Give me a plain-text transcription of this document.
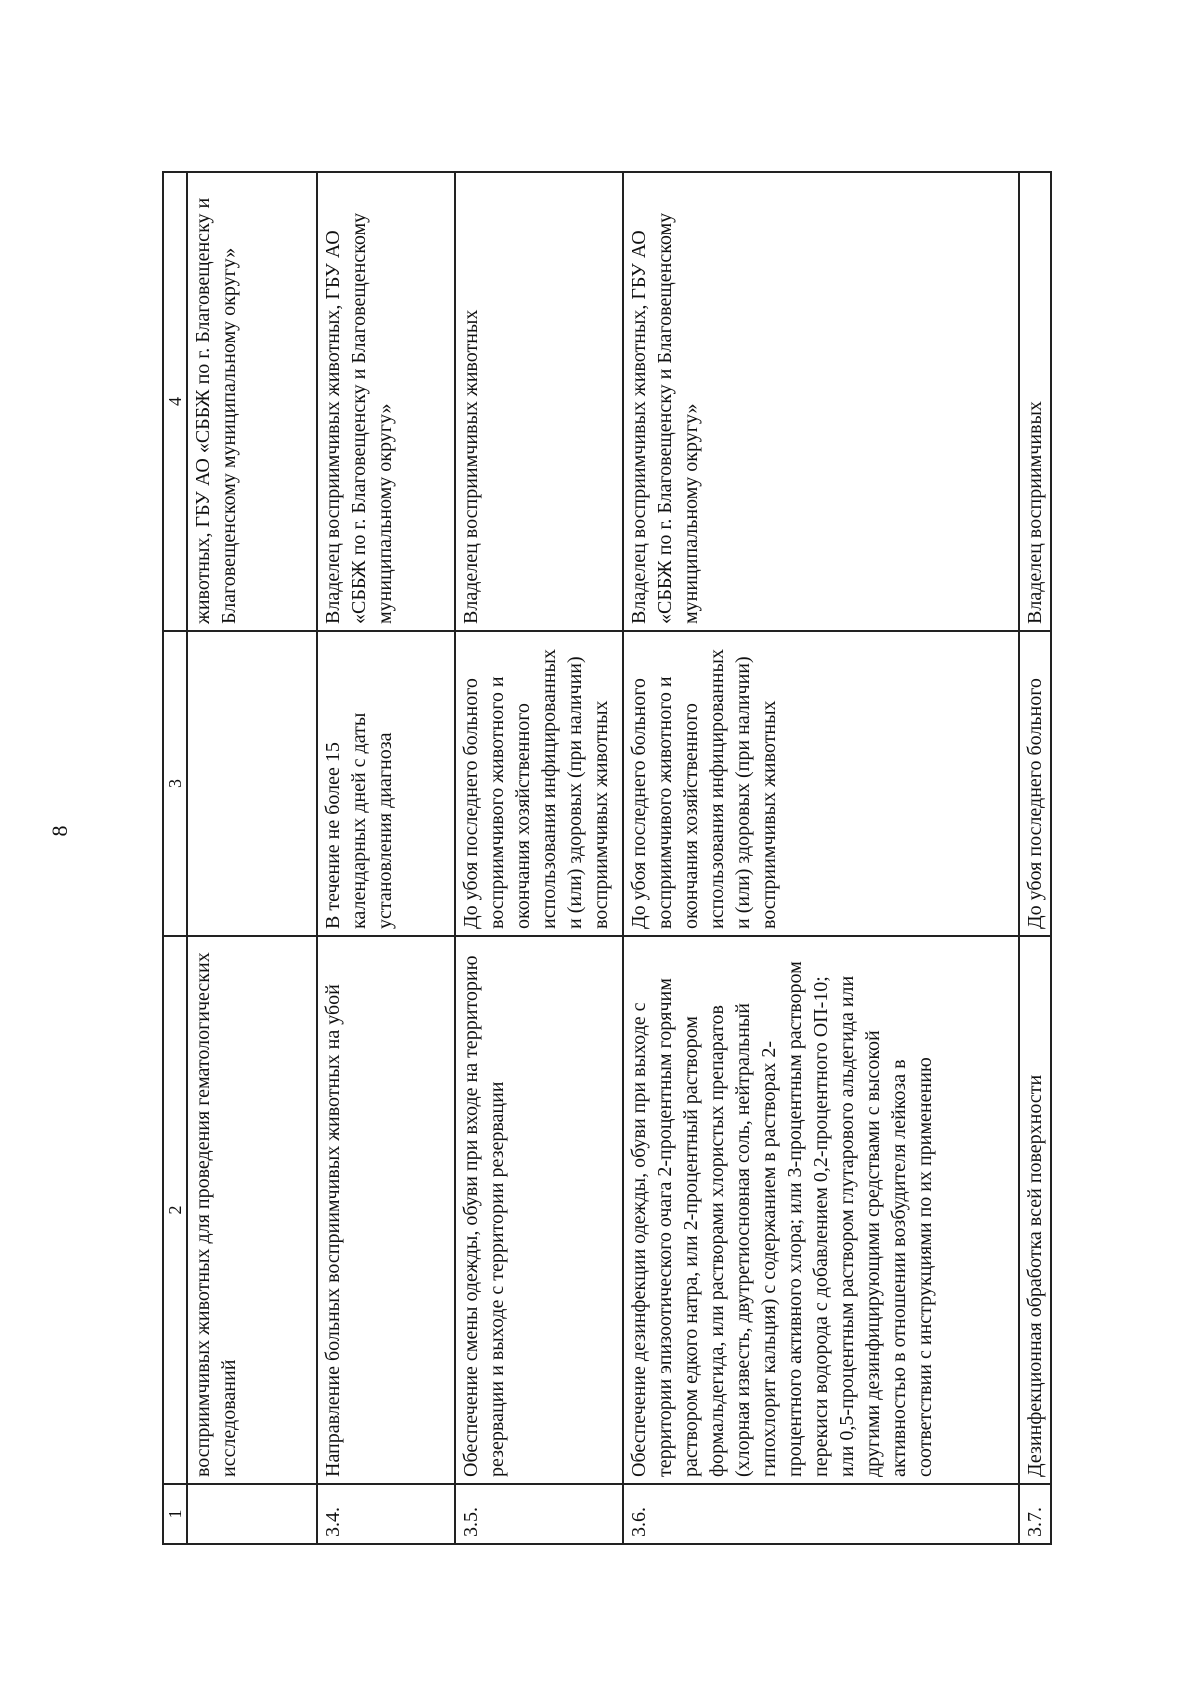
8
1	2	3	4
	восприимчивых животных для проведения гематологических исследований		животных, ГБУ АО «СББЖ по г. Благовещенску и Благовещенскому муниципальному округу»
3.4.	Направление больных восприимчивых животных на убой	В течение не более 15 календарных дней с даты установления диагноза	Владелец восприимчивых животных, ГБУ АО «СББЖ по г. Благовещенску и Благовещенскому муниципальному округу»
3.5.	Обеспечение смены одежды, обуви при входе на территорию резервации и выходе с территории резервации	До убоя последнего больного восприимчивого животного и окончания хозяйственного использования инфицированных и (или) здоровых (при наличии) восприимчивых животных	Владелец восприимчивых животных
3.6.	Обеспечение дезинфекции одежды, обуви при выходе с территории эпизоотического очага 2-процентным горячим раствором едкого натра, или 2-процентный раствором формальдегида, или растворами хлористых препаратов (хлорная известь, двутретиосновная соль, нейтральный гипохлорит кальция) с содержанием в растворах 2-процентного активного хлора; или 3-процентным раствором перекиси водорода с добавлением 0,2-процентного ОП-10; или 0,5-процентным раствором глутарового альдегида или другими дезинфицирующими средствами с высокой активностью в отношении возбудителя лейкоза в соответствии с инструкциями по их применению	До убоя последнего больного восприимчивого животного и окончания хозяйственного использования инфицированных и (или) здоровых (при наличии) восприимчивых животных	Владелец восприимчивых животных, ГБУ АО «СББЖ по г. Благовещенску и Благовещенскому муниципальному округу»
3.7.	Дезинфекционная обработка всей поверхности	До убоя последнего больного	Владелец восприимчивых
